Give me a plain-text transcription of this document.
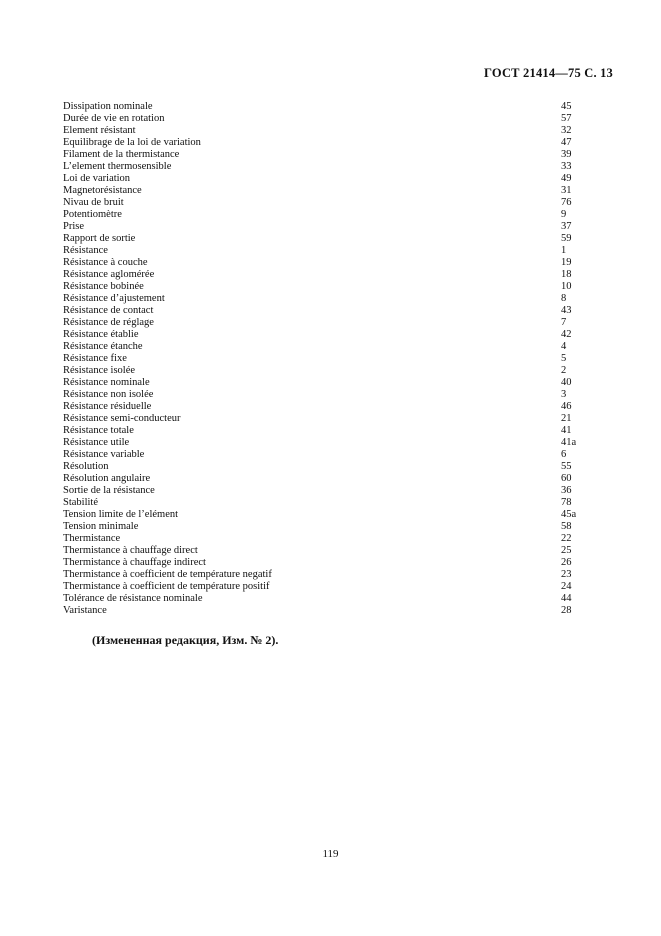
ГОСТ 21414—75 С. 13
Dissipation nominale	45
Durée de vie en rotation	57
Element résistant	32
Equilibrage de la loi de variation	47
Filament de la thermistance	39
L’element thermosensible	33
Loi de variation	49
Magnetorésistance	31
Nivau de bruit	76
Potentiomètre	9
Prise	37
Rapport de sortie	59
Résistance	1
Résistance à couche	19
Résistance agloméréе	18
Résistance bobinée	10
Résistance d’ajustement	8
Résistance de contact	43
Résistance de réglage	7
Résistance établie	42
Résistance étanche	4
Résistance fixe	5
Résistance isolée	2
Résistance nominale	40
Résistance non isolée	3
Résistance résiduelle	46
Résistance semi-conducteur	21
Résistance totale	41
Résistance utile	41a
Résistance variable	6
Résolution	55
Résolution angulaire	60
Sortie de la résistance	36
Stabilité	78
Tension limite de l’elément	45a
Tension minimale	58
Thermistance	22
Thermistance à chauffage direct	25
Thermistance à chauffage indirect	26
Thermistance à coefficient de température negatif	23
Thermistance à coefficient de température positif	24
Tolérance de résistance nominale	44
Varistance	28
(Измененная редакция, Изм. № 2).
119
